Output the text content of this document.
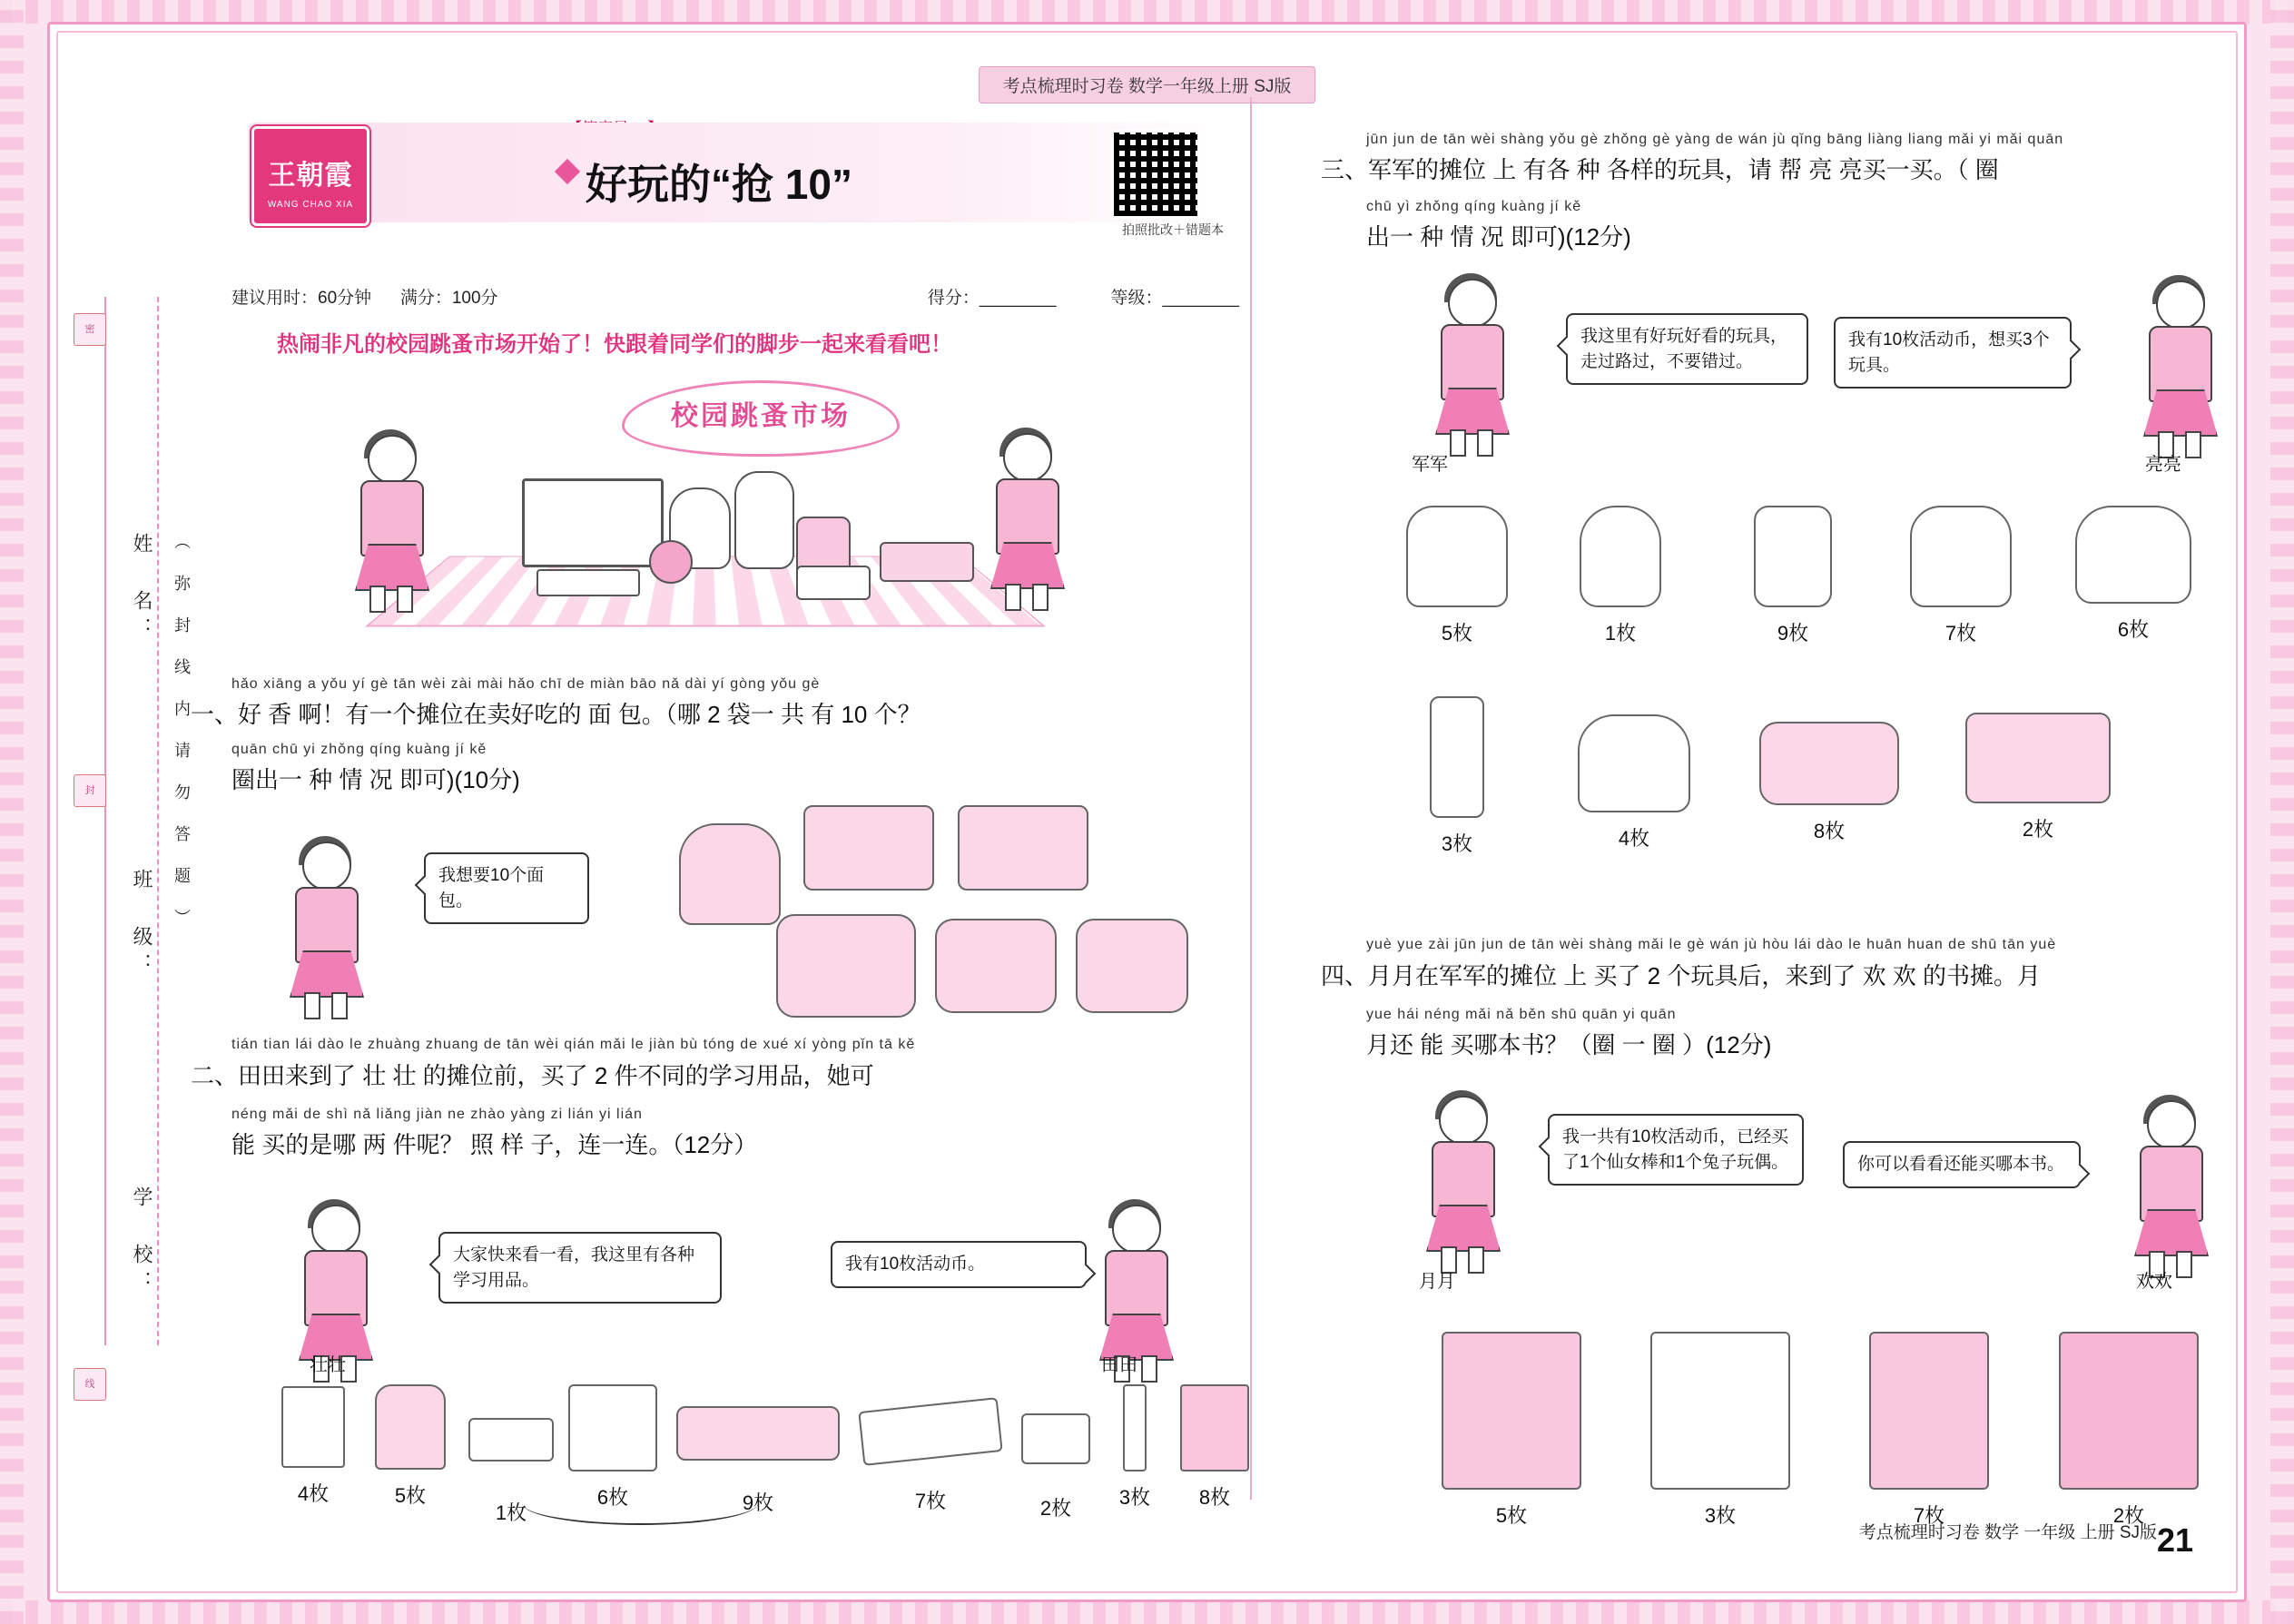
考点梳理时习卷 数学一年级上册 SJ版
王朝霞
WANG CHAO XIA	好玩的“抢 10”
拍照批改＋错题本
建议用时：60分钟 满分：100分	等级：________
得分：________
热闹非凡的校园跳蚤市场开始了！快跟着同学们的脚步一起来看看吧！
密
姓 名： （ 弥 封 线 内 请 勿 答 题 ）
封
班 级：
线
学 校：
校园跳蚤市场
hǎo xiāng a yǒu yí gè tān wèi zài mài hǎo chī de miàn bāo nǎ dài yí gòng yǒu gè
一、好 香 啊！有一个摊位在卖好吃的 面 包。（哪 2 袋一 共 有 10 个？
quān chū yi zhǒng qíng kuàng jí kě
圈出一 种 情 况 即可)(10分)
我想要10个面包。
tián tian lái dào le zhuàng zhuang de tān wèi qián mǎi le jiàn bù tóng de xué xí yòng pǐn tā kě
二、田田来到了 壮 壮 的摊位前，买了 2 件不同的学习用品，她可
néng mǎi de shì nǎ liǎng jiàn ne zhào yàng zi lián yi lián
能 买的是哪 两 件呢？ 照 样 子，连一连。（12分）
壮壮
大家快来看一看，我这里有各种学习用品。
我有10枚活动币。
田田
4枚	5枚
1枚
6枚	9枚	7枚	2枚	3枚	8枚
jūn jun de tān wèi shàng yǒu gè zhǒng gè yàng de wán jù qǐng bāng liàng liang mǎi yi mǎi quān
三、军军的摊位 上 有各 种 各样的玩具，请 帮 亮 亮买一买。（ 圈
chū yì zhǒng qíng kuàng jí kě
出一 种 情 况 即可)(12分)
军军
我这里有好玩好看的玩具，走过路过，不要错过。
我有10枚活动币，想买3个玩具。
亮亮
5枚	1枚	9枚	7枚	6枚
3枚	4枚	8枚	2枚
yuè yue zài jūn jun de tān wèi shàng mǎi le gè wán jù hòu lái dào le huān huan de shū tān yuè
四、月月在军军的摊位 上 买了 2 个玩具后，来到了 欢 欢 的书摊。月
yue hái néng mǎi nǎ běn shū quān yi quān
月还 能 买哪本书？（圈 一 圈 ）(12分)
月月
我一共有10枚活动币，已经买了1个仙女棒和1个兔子玩偶。	你可以看看还能买哪本书。
欢欢
5枚	3枚	7枚	2枚
考点梳理时习卷 数学 一年级 上册 SJ版 21
